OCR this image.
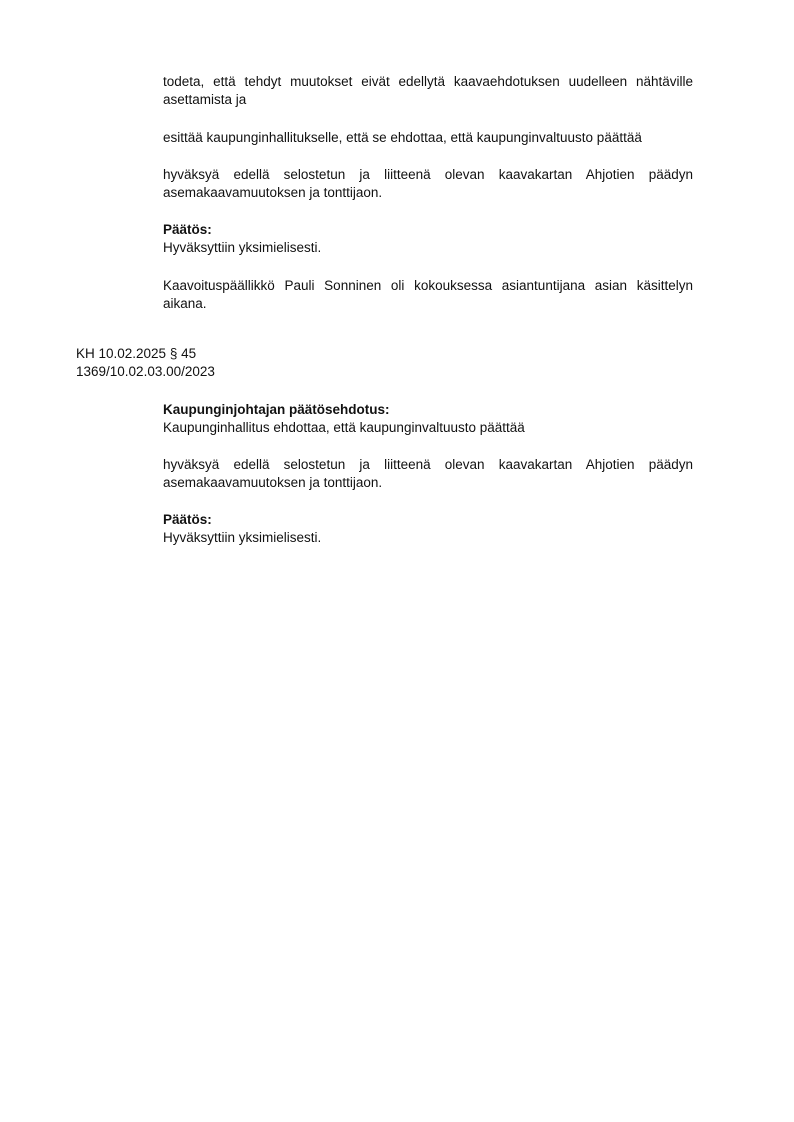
todeta, että tehdyt muutokset eivät edellytä kaavaehdotuksen uudelleen nähtäville asettamista ja

esittää kaupunginhallitukselle, että se ehdottaa, että kaupunginvaltuusto päättää

hyväksyä edellä selostetun ja liitteenä olevan kaavakartan Ahjotien päädyn asemakaavamuutoksen ja tonttijaon.

Päätös:

Hyväksyttiin yksimielisesti.

Kaavoituspäällikkö Pauli Sonninen oli kokouksessa asiantuntijana asian käsittelyn aikana.

KH 10.02.2025 § 45

1369/10.02.03.00/2023

Kaupunginjohtajan päätösehdotus:

Kaupunginhallitus ehdottaa, että kaupunginvaltuusto päättää

hyväksyä edellä selostetun ja liitteenä olevan kaavakartan Ahjotien päädyn asemakaavamuutoksen ja tonttijaon.

Päätös:

Hyväksyttiin yksimielisesti.
